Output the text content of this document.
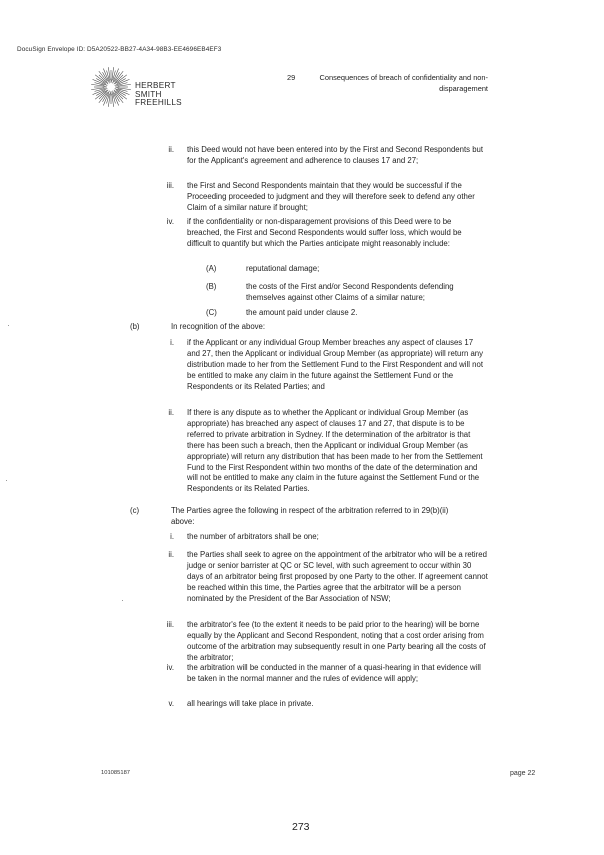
DocuSign Envelope ID: D5A20522-BB27-4A34-98B3-EE4696EB4EF3
HERBERT
SMITH
FREEHILLS
29	Consequences of breach of confidentiality and non-disparagement
ii. this Deed would not have been entered into by the First and Second Respondents but for the Applicant's agreement and adherence to clauses 17 and 27;
iii. the First and Second Respondents maintain that they would be successful if the Proceeding proceeded to judgment and they will therefore seek to defend any other Claim of a similar nature if brought;
iv. if the confidentiality or non-disparagement provisions of this Deed were to be breached, the First and Second Respondents would suffer loss, which would be difficult to quantify but which the Parties anticipate might reasonably include:
(A)	reputational damage;
(B)	the costs of the First and/or Second Respondents defending themselves against other Claims of a similar nature;
(C)	the amount paid under clause 2.
(b)	In recognition of the above:
i. if the Applicant or any individual Group Member breaches any aspect of clauses 17 and 27, then the Applicant or individual Group Member (as appropriate) will return any distribution made to her from the Settlement Fund to the First Respondent and will not be entitled to make any claim in the future against the Settlement Fund or the Respondents or its Related Parties; and
ii. If there is any dispute as to whether the Applicant or individual Group Member (as appropriate) has breached any aspect of clauses 17 and 27, that dispute is to be referred to private arbitration in Sydney. If the determination of the arbitrator is that there has been such a breach, then the Applicant or individual Group Member (as appropriate) will return any distribution that has been made to her from the Settlement Fund to the First Respondent within two months of the date of the determination and will not be entitled to make any claim in the future against the Settlement Fund or the Respondents or its Related Parties.
(c)	The Parties agree the following in respect of the arbitration referred to in 29(b)(ii) above:
i. the number of arbitrators shall be one;
ii. the Parties shall seek to agree on the appointment of the arbitrator who will be a retired judge or senior barrister at QC or SC level, with such agreement to occur within 30 days of an arbitrator being first proposed by one Party to the other. If agreement cannot be reached within this time, the Parties agree that the arbitrator will be a person nominated by the President of the Bar Association of NSW;
iii. the arbitrator's fee (to the extent it needs to be paid prior to the hearing) will be borne equally by the Applicant and Second Respondent, noting that a cost order arising from outcome of the arbitration may subsequently result in one Party bearing all the costs of the arbitrator;
iv. the arbitration will be conducted in the manner of a quasi-hearing in that evidence will be taken in the normal manner and the rules of evidence will apply;
v. all hearings will take place in private.
101085187	page 22
273
